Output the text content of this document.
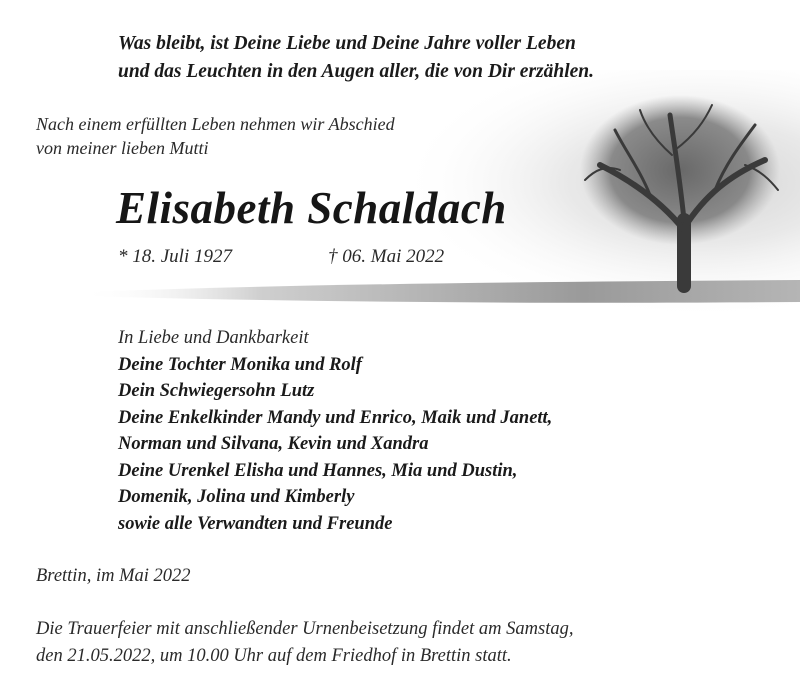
Was bleibt, ist Deine Liebe und Deine Jahre voller Leben
und das Leuchten in den Augen aller, die von Dir erzählen.
Nach einem erfüllten Leben nehmen wir Abschied
von meiner lieben Mutti
Elisabeth Schaldach
* 18. Juli 1927	† 06. Mai 2022
In Liebe und Dankbarkeit
Deine Tochter Monika und Rolf
Dein Schwiegersohn Lutz
Deine Enkelkinder Mandy und Enrico, Maik und Janett,
Norman und Silvana, Kevin und Xandra
Deine Urenkel Elisha und Hannes, Mia und Dustin,
Domenik, Jolina und Kimberly
sowie alle Verwandten und Freunde
Brettin, im Mai 2022
Die Trauerfeier mit anschließender Urnenbeisetzung findet am Samstag,
den 21.05.2022, um 10.00 Uhr auf dem Friedhof in Brettin statt.
